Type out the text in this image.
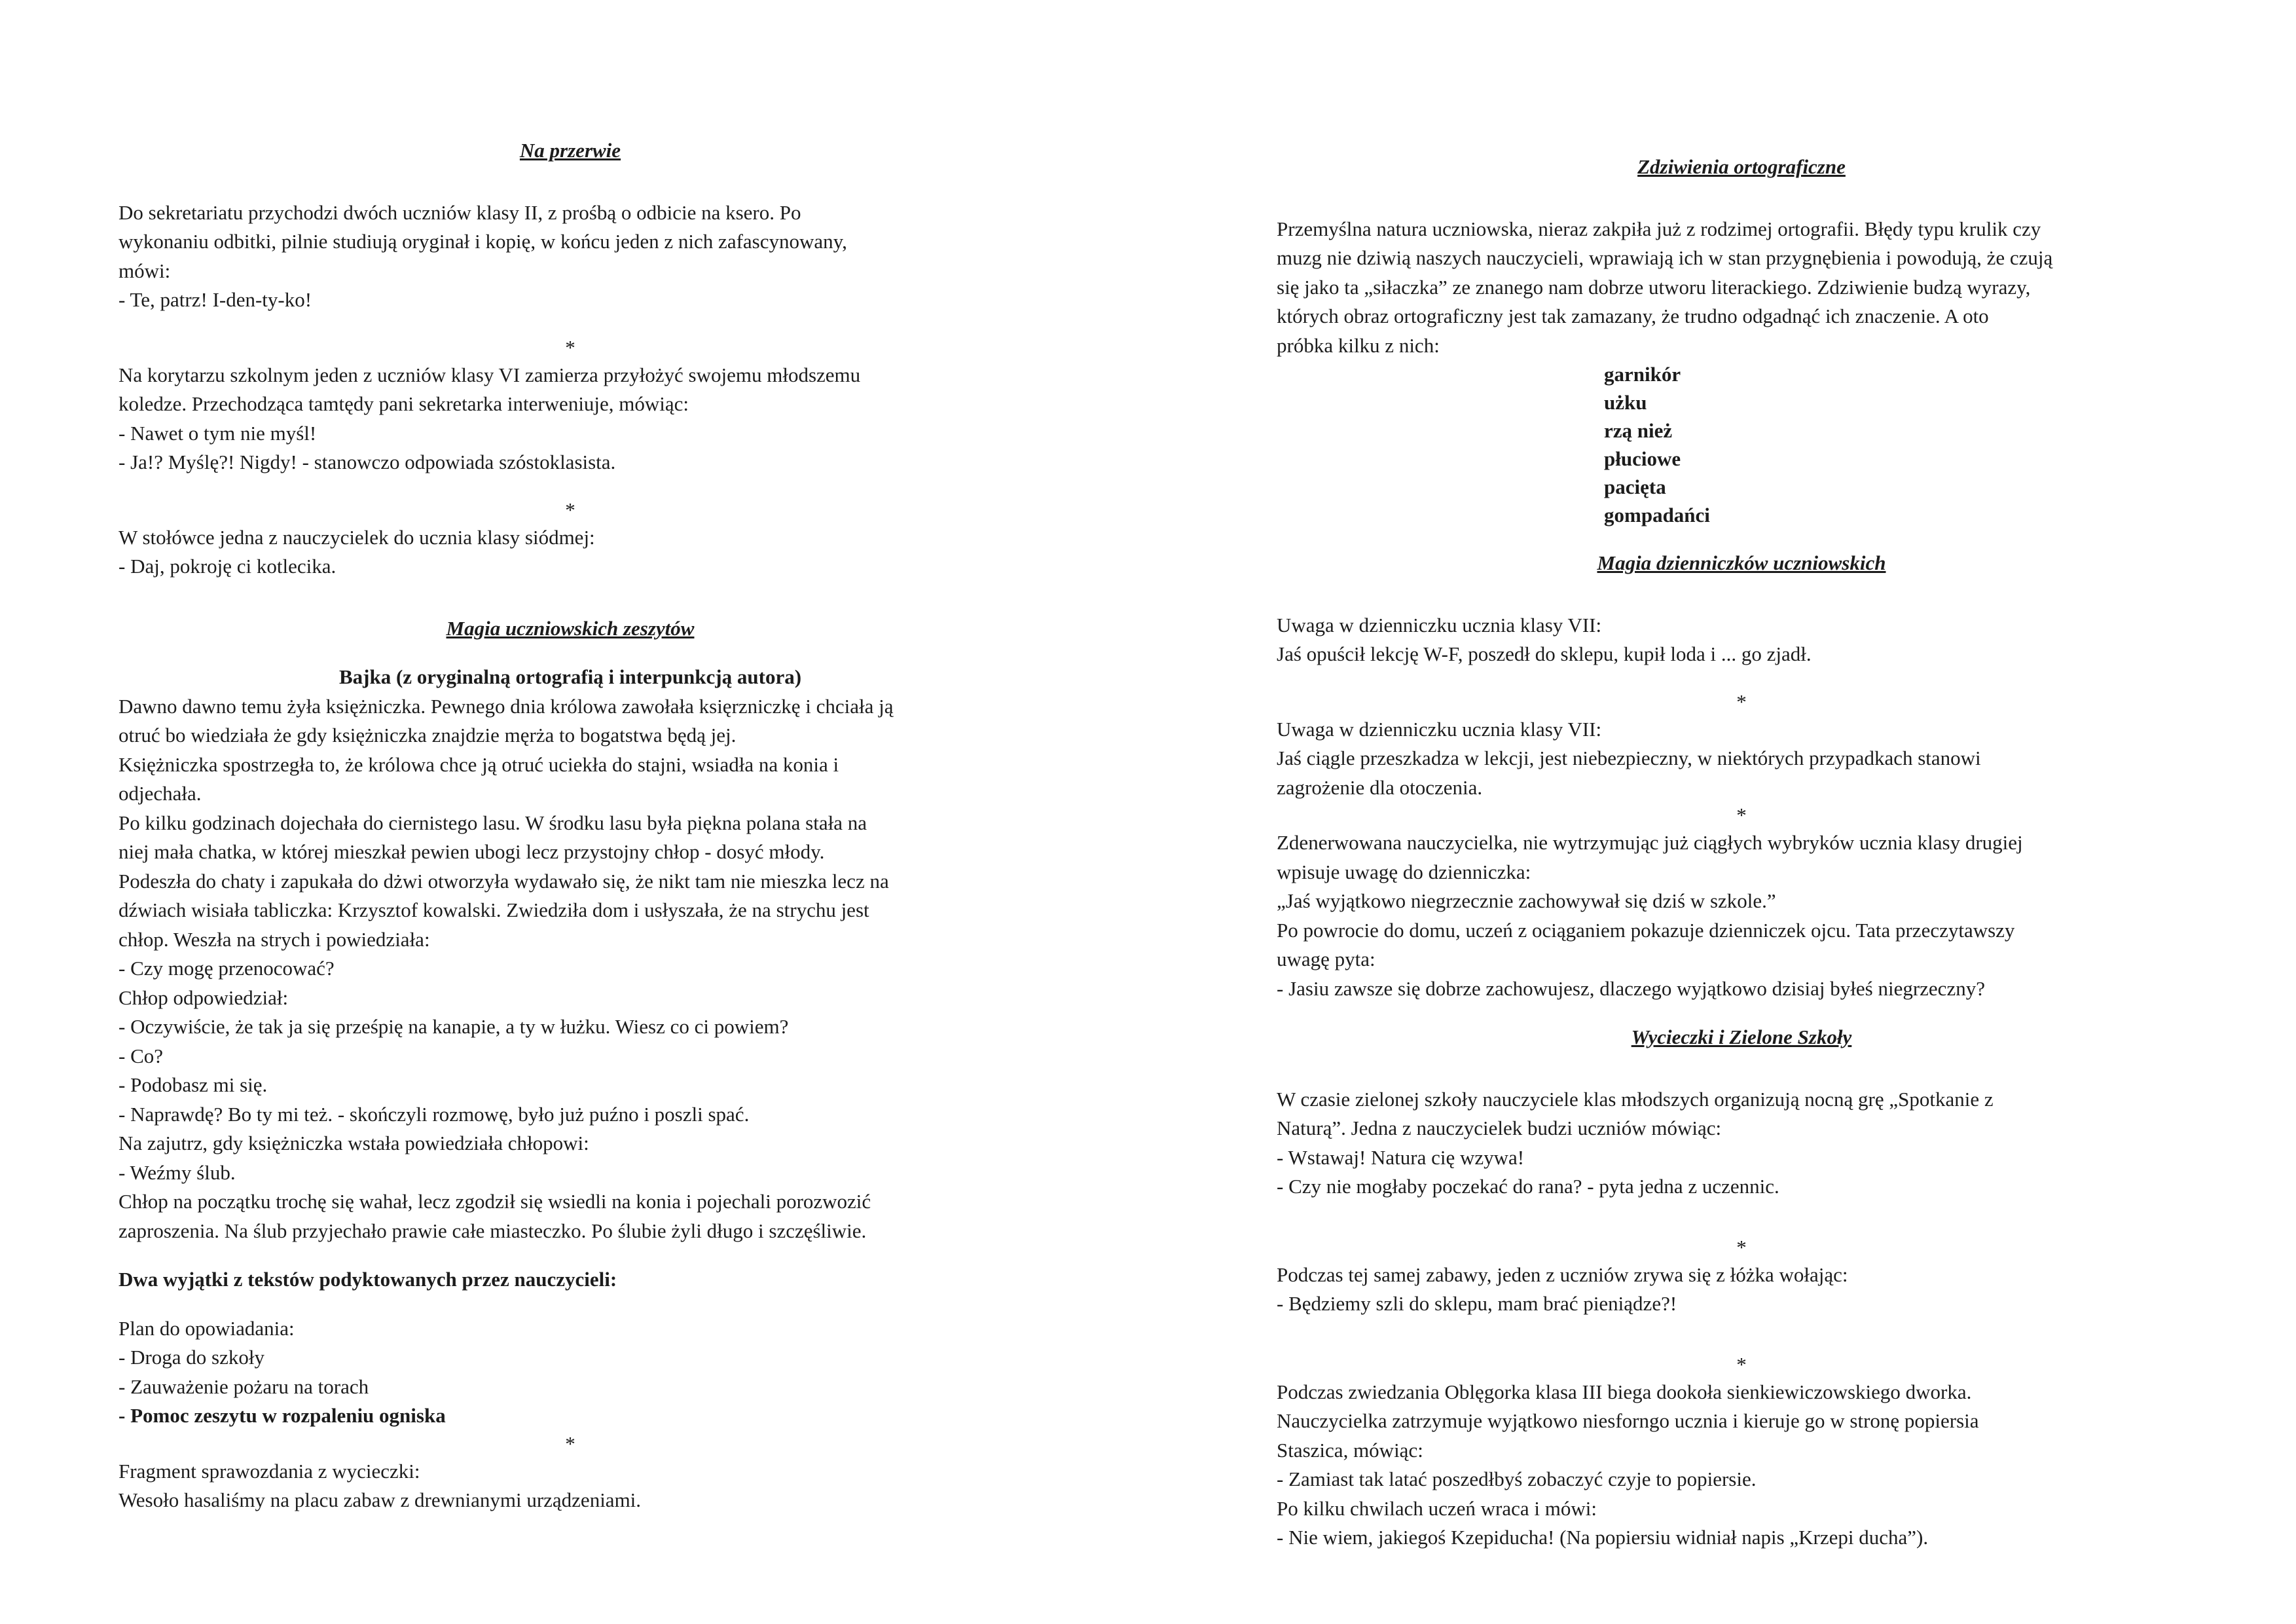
Na przerwie

Do sekretariatu przychodzi dwóch uczniów klasy II, z prośbą o odbicie na ksero. Po

wykonaniu odbitki, pilnie studiują oryginał i kopię, w końcu jeden z nich zafascynowany,

mówi:

- Te, patrz! I-den-ty-ko!

*

Na korytarzu szkolnym jeden z uczniów klasy VI zamierza przyłożyć swojemu młodszemu

koledze. Przechodząca tamtędy pani sekretarka interweniuje, mówiąc:

- Nawet o tym nie myśl!

- Ja!? Myślę?! Nigdy! - stanowczo odpowiada szóstoklasista.

*

W stołówce jedna z nauczycielek do ucznia klasy siódmej:

- Daj, pokroję ci kotlecika.

Magia uczniowskich zeszytów

Bajka (z oryginalną ortografią i interpunkcją autora)

Dawno dawno temu żyła księżniczka. Pewnego dnia królowa zawołała księrzniczkę i chciała ją

otruć bo wiedziała że gdy księżniczka znajdzie męrża to bogatstwa będą jej.

Księżniczka spostrzegła to, że królowa chce ją otruć uciekła do stajni, wsiadła na konia i

odjechała.

Po kilku godzinach dojechała do ciernistego lasu. W środku lasu była piękna polana stała na

niej mała chatka, w której mieszkał pewien ubogi lecz przystojny chłop - dosyć młody.

Podeszła do chaty i zapukała do dżwi otworzyła wydawało się, że nikt tam nie mieszka lecz na

dźwiach wisiała tabliczka: Krzysztof kowalski. Zwiedziła dom i usłyszała, że na strychu jest

chłop. Weszła na strych i powiedziała:

- Czy mogę przenocować?

Chłop odpowiedział:

- Oczywiście, że tak ja się prześpię na kanapie, a ty w łużku. Wiesz co ci powiem?

- Co?

- Podobasz mi się.

- Naprawdę? Bo ty mi też. - skończyli rozmowę, było już puźno i poszli spać.

Na zajutrz, gdy księżniczka wstała powiedziała chłopowi:

- Weźmy ślub.

Chłop na początku trochę się wahał, lecz zgodził się wsiedli na konia i pojechali porozwozić

zaproszenia. Na ślub przyjechało prawie całe miasteczko. Po ślubie żyli długo i szczęśliwie.

Dwa wyjątki z tekstów podyktowanych przez nauczycieli:

Plan do opowiadania:

- Droga do szkoły

- Zauważenie pożaru na torach

- Pomoc zeszytu w rozpaleniu ogniska

*

Fragment sprawozdania z wycieczki:

Wesoło hasaliśmy na placu zabaw z drewnianymi urządzeniami.

Zdziwienia ortograficzne

Przemyślna natura uczniowska, nieraz zakpiła już z rodzimej ortografii. Błędy typu krulik czy

muzg nie dziwią naszych nauczycieli, wprawiają ich w stan przygnębienia i powodują, że czują

się jako ta „siłaczka” ze znanego nam dobrze utworu literackiego. Zdziwienie budzą wyrazy,

których obraz ortograficzny jest tak zamazany, że trudno odgadnąć ich znaczenie. A oto

próbka kilku z nich:

garnikór

użku

rzą nież

płuciowe

pacięta

gompadańci

Magia dzienniczków uczniowskich

Uwaga w dzienniczku ucznia klasy VII:

Jaś opuścił lekcję W-F, poszedł do sklepu, kupił loda i ... go zjadł.

*

Uwaga w dzienniczku ucznia klasy VII:

Jaś ciągle przeszkadza w lekcji, jest niebezpieczny, w niektórych przypadkach stanowi

zagrożenie dla otoczenia.

*

Zdenerwowana nauczycielka, nie wytrzymując już ciągłych wybryków ucznia klasy drugiej

wpisuje uwagę do dzienniczka:

„Jaś wyjątkowo niegrzecznie zachowywał się dziś w szkole.”

Po powrocie do domu, uczeń z ociąganiem pokazuje dzienniczek ojcu. Tata przeczytawszy

uwagę pyta:

- Jasiu zawsze się dobrze zachowujesz, dlaczego wyjątkowo dzisiaj byłeś niegrzeczny?

Wycieczki i Zielone Szkoły

W czasie zielonej szkoły nauczyciele klas młodszych organizują nocną grę „Spotkanie z

Naturą”. Jedna z nauczycielek budzi uczniów mówiąc:

- Wstawaj! Natura cię wzywa!

- Czy nie mogłaby poczekać do rana? - pyta jedna z uczennic.

*

Podczas tej samej zabawy, jeden z uczniów zrywa się z łóżka wołając:

- Będziemy szli do sklepu, mam brać pieniądze?!

*

Podczas zwiedzania Oblęgorka klasa III biega dookoła sienkiewiczowskiego dworka.

Nauczycielka zatrzymuje wyjątkowo niesforngo ucznia i kieruje go w stronę popiersia

Staszica, mówiąc:

- Zamiast tak latać poszedłbyś zobaczyć czyje to popiersie.

Po kilku chwilach uczeń wraca i mówi:

- Nie wiem, jakiegoś Kzepiducha! (Na popiersiu widniał napis „Krzepi ducha”).
